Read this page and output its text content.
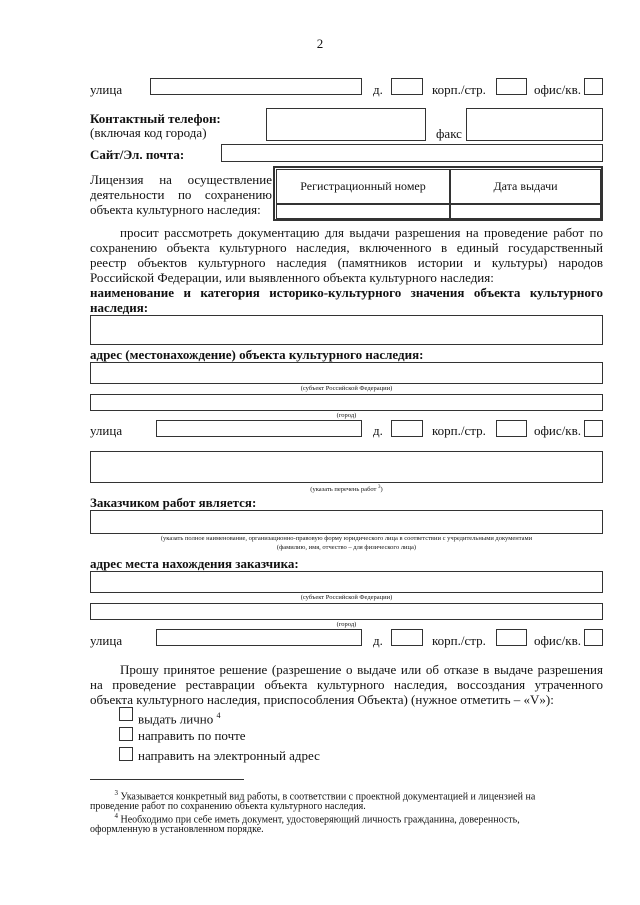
2
улица	д.	корп./стр.	офис/кв.
Контактный телефон:
(включая код города)	факс
Сайт/Эл. почта:
Лицензия на осуществление
деятельности по сохранению
объекта культурного наследия:
Регистрационный номер	Дата выдачи
просит рассмотреть документацию для выдачи разрешения на проведение работ по
сохранению объекта культурного наследия, включенного в единый государственный
реестр объектов культурного наследия (памятников истории и культуры) народов
Российской Федерации, или выявленного объекта культурного наследия:
наименование и категория историко-культурного значения объекта культурного
наследия:
адрес (местонахождение) объекта культурного наследия:
(субъект Российской Федерации)
(город)
улица	д.	корп./стр.	офис/кв.
(указать перечень работ $^3$)
Заказчиком работ является:
(указать полное наименование, организационно-правовую форму юридического лица в соответствии с учредительными документами
(фамилию, имя, отчество – для физического лица)
адрес места нахождения заказчика:
(субъект Российской Федерации)
(город)
улица	д.	корп./стр.	офис/кв.
Прошу принятое решение (разрешение о выдаче или об отказе в выдаче разрешения
на проведение реставрации объекта культурного наследия, воссоздания утраченного
объекта культурного наследия, приспособления Объекта) (нужное отметить – «V»):
выдать лично $^4$
направить по почте
направить на электронный адрес
$^3$ Указывается конкретный вид работы, в соответствии с проектной документацией и лицензией на
проведение работ по сохранению объекта культурного наследия.
$^4$ Необходимо при себе иметь документ, удостоверяющий личность гражданина, доверенность,
оформленную в установленном порядке.
